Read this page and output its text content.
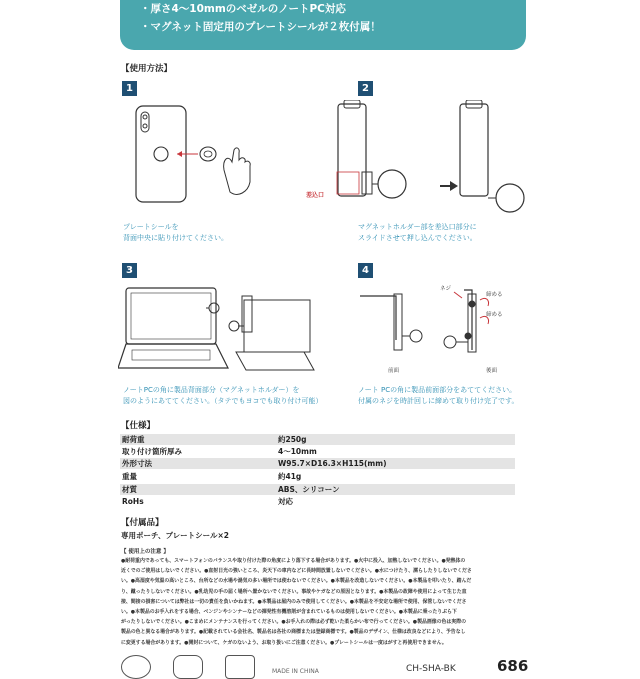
・厚さ4～10mmのベゼルのノートPC対応
・マグネット固定用のプレートシールが２枚付属！
【使用方法】
1
プレートシールを
背面中央に貼り付けてください。
2
差込口
マグネットホルダー部を差込口部分に
スライドさせて押し込んでください。
3
ノートPCの角に製品背面部分（マグネットホルダー）を
図のようにあててください。（タテでもヨコでも取り付け可能）
4
前面
ネジ
締める
締める
後面
ノート PCの角に製品前面部分をあててください。
付属のネジを時計回しに締めて取り付け完了です。
【仕様】
耐荷重	約250g
取り付け箇所厚み	4～10mm
外形寸法	W95.7×D16.3×H115(mm)
重量	約41g
材質	ABS、シリコーン
RoHs	対応
【付属品】
専用ポーチ、プレートシール×2
【 使用上の注意 】
●耐荷重内であっても、スマートフォンのバランスや取り付けた際の角度により落下する場合があります。●火中に投入、加熱しないでください。●発熱体の
近くでのご使用はしないでください。●直射日光の強いところ、炎天下の車内などに長時間放置しないでください。●水につけたり、濡らしたりしないでくださ
い。●高湿度や気温の高いところ、台所などの水場や湯気の多い場所では使わないでください。●本製品を改造しないでください。●本製品を叩いたり、踏んだ
り、蹴ったりしないでください。●乳幼児の手の届く場所へ置かないでください。事故やケガなどの原因となります。●本製品の故障や使用によって生じた直
接、間接の損害については弊社は一切の責任を負いかねます。●本製品は屋内のみで使用してください。●本製品を不安定な場所で使用、保管しないでくださ
い。●本製品のお手入れをする場合、ベンジンやシンナーなどの揮発性有機溶剤が含まれているものは使用しないでください。●本製品に乗ったりぶら下
がったりしないでください。●こまめにメンテナンスを行ってください。●お手入れの際は必ず乾いた柔らかい布で行ってください。●製品画像の色は実際の
製品の色と異なる場合があります。●記載されている会社名、製品名は各社の商標または登録商標です。●製品のデザイン、仕様は改良などにより、予告なし
に変更する場合があります。●開封について、ケガのないよう、お取り扱いにご注意ください。●プレートシールは一度はがすと再使用できません。
MADE IN CHINA	CH-SHA-BK	686
